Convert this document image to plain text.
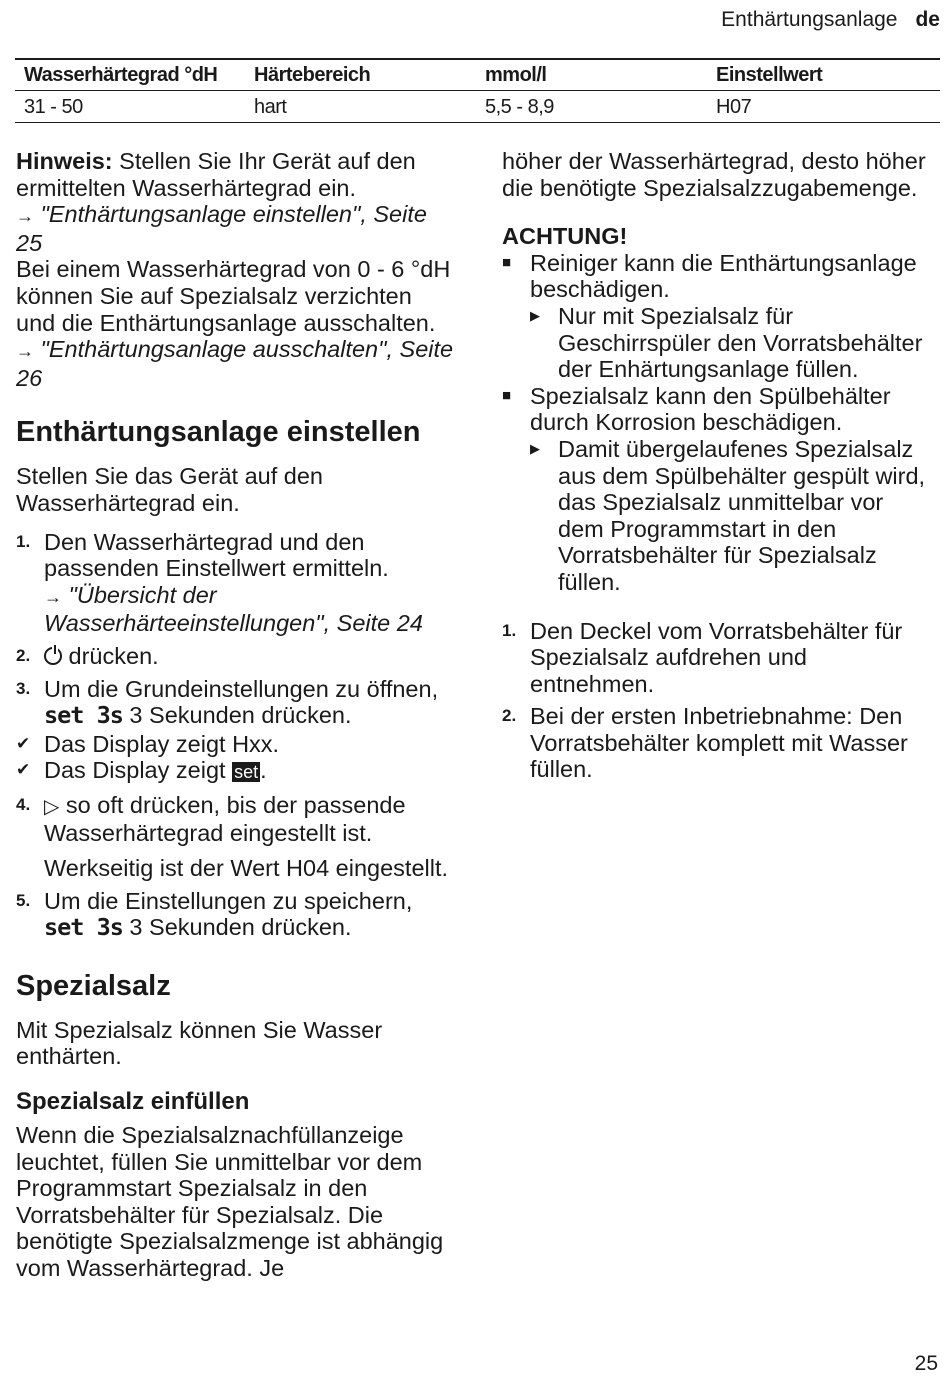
Enthärtungsanlage de
Wasserhärtegrad °dH	Härtebereich	mmol/l	Einstellwert
31 - 50	hart	5,5 - 8,9	H07

Hinweis: Stellen Sie Ihr Gerät auf den ermittelten Wasserhärtegrad ein.

→ "Enthärtungsanlage einstellen", Seite 25

Bei einem Wasserhärtegrad von 0 - 6 °dH können Sie auf Spezialsalz verzichten und die Enthärtungsanlage ausschalten.

→ "Enthärtungsanlage ausschalten", Seite 26

Enthärtungsanlage einstellen

Stellen Sie das Gerät auf den Wasserhärtegrad ein.

1. Den Wasserhärtegrad und den passenden Einstellwert ermitteln.
→ "Übersicht der Wasserhärteeinstellungen", Seite 24
2.	drücken.
3. Um die Grundeinstellungen zu öffnen, set 3s 3 Sekunden drücken.
✔ Das Display zeigt Hxx.
✔ Das Display zeigt set.
4. ▷ so oft drücken, bis der passende Wasserhärtegrad eingestellt ist.

Werkseitig ist der Wert H04 eingestellt.

5. Um die Einstellungen zu speichern, set 3s 3 Sekunden drücken.
Spezialsalz

Mit Spezialsalz können Sie Wasser enthärten.

Spezialsalz einfüllen

Wenn die Spezialsalznachfüllanzeige leuchtet, füllen Sie unmittelbar vor dem Programmstart Spezialsalz in den Vorratsbehälter für Spezialsalz. Die benötigte Spezialsalzmenge ist abhängig vom Wasserhärtegrad. Je

höher der Wasserhärtegrad, desto höher die benötigte Spezialsalzzugabemenge.

ACHTUNG!

■ Reiniger kann die Enthärtungsanlage beschädigen.
▶ Nur mit Spezialsalz für Geschirrspüler den Vorratsbehälter der Enhärtungsanlage füllen.
■ Spezialsalz kann den Spülbehälter durch Korrosion beschädigen.
▶ Damit übergelaufenes Spezialsalz aus dem Spülbehälter gespült wird, das Spezialsalz unmittelbar vor dem Programmstart in den Vorratsbehälter für Spezialsalz füllen.
1. Den Deckel vom Vorratsbehälter für Spezialsalz aufdrehen und entnehmen.
2. Bei der ersten Inbetriebnahme: Den Vorratsbehälter komplett mit Wasser füllen.
25
